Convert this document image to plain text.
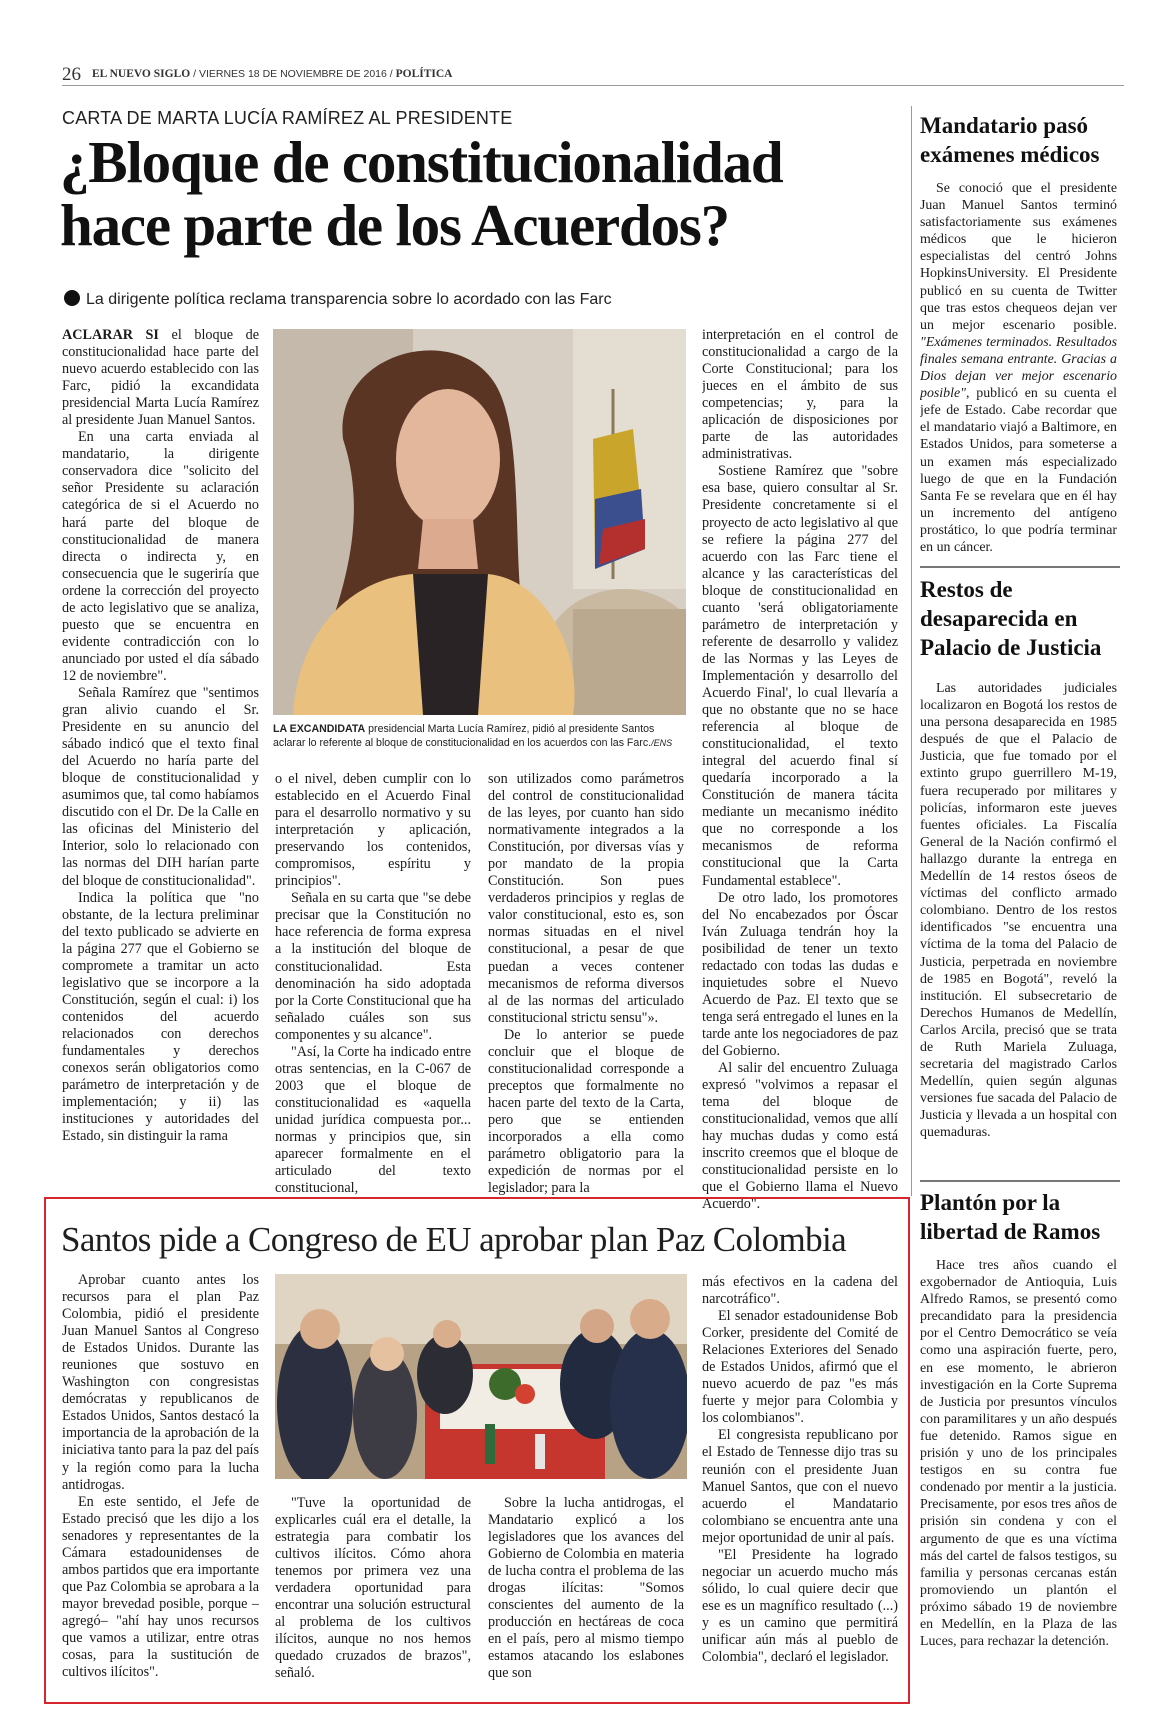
26 EL NUEVO SIGLO / VIERNES 18 DE NOVIEMBRE DE 2016 / POLÍTICA
CARTA DE MARTA LUCÍA RAMÍREZ AL PRESIDENTE
¿Bloque de constitucionalidad
hace parte de los Acuerdos?
La dirigente política reclama transparencia sobre lo acordado con las Farc

ACLARAR SI el bloque de constitucionalidad hace parte del nuevo acuerdo establecido con las Farc, pidió la excandidata presidencial Marta Lucía Ramírez al presidente Juan Manuel Santos.

En una carta enviada al mandatario, la dirigente conservadora dice "solicito del señor Presidente su aclaración categórica de si el Acuerdo no hará parte del bloque de constitucionalidad de manera directa o indirecta y, en consecuencia que le sugeriría que ordene la corrección del proyecto de acto legislativo que se analiza, puesto que se encuentra en evidente contradicción con lo anunciado por usted el día sábado 12 de noviembre".

Señala Ramírez que "sentimos gran alivio cuando el Sr. Presidente en su anuncio del sábado indicó que el texto final del Acuerdo no haría parte del bloque de constitucionalidad y asumimos que, tal como habíamos discutido con el Dr. De la Calle en las oficinas del Ministerio del Interior, solo lo relacionado con las normas del DIH harían parte del bloque de constitucionalidad".

Indica la política que "no obstante, de la lectura preliminar del texto publicado se advierte en la página 277 que el Gobierno se compromete a tramitar un acto legislativo que se incorpore a la Constitución, según el cual: i) los contenidos del acuerdo relacionados con derechos fundamentales y derechos conexos serán obligatorios como parámetro de interpretación y de implementación; y ii) las instituciones y autoridades del Estado, sin distinguir la rama

LA EXCANDIDATA presidencial Marta Lucía Ramírez, pidió al presidente Santos aclarar lo referente al bloque de constitucionalidad en los acuerdos con las Farc./ENS

o el nivel, deben cumplir con lo establecido en el Acuerdo Final para el desarrollo normativo y su interpretación y aplicación, preservando los contenidos, compromisos, espíritu y principios".

Señala en su carta que "se debe precisar que la Constitución no hace referencia de forma expresa a la institución del bloque de constitucionalidad. Esta denominación ha sido adoptada por la Corte Constitucional que ha señalado cuáles son sus componentes y su alcance".

"Así, la Corte ha indicado entre otras sentencias, en la C-067 de 2003 que el bloque de constitucionalidad es «aquella unidad jurídica compuesta por... normas y principios que, sin aparecer formalmente en el articulado del texto constitucional,

son utilizados como parámetros del control de constitucionalidad de las leyes, por cuanto han sido normativamente integrados a la Constitución, por diversas vías y por mandato de la propia Constitución. Son pues verdaderos principios y reglas de valor constitucional, esto es, son normas situadas en el nivel constitucional, a pesar de que puedan a veces contener mecanismos de reforma diversos al de las normas del articulado constitucional strictu sensu"».

De lo anterior se puede concluir que el bloque de constitucionalidad corresponde a preceptos que formalmente no hacen parte del texto de la Carta, pero que se entienden incorporados a ella como parámetro obligatorio para la expedición de normas por el legislador; para la

interpretación en el control de constitucionalidad a cargo de la Corte Constitucional; para los jueces en el ámbito de sus competencias; y, para la aplicación de disposiciones por parte de las autoridades administrativas.

Sostiene Ramírez que "sobre esa base, quiero consultar al Sr. Presidente concretamente si el proyecto de acto legislativo al que se refiere la página 277 del acuerdo con las Farc tiene el alcance y las características del bloque de constitucionalidad en cuanto 'será obligatoriamente parámetro de interpretación y referente de desarrollo y validez de las Normas y las Leyes de Implementación y desarrollo del Acuerdo Final', lo cual llevaría a que no obstante que no se hace referencia al bloque de constitucionalidad, el texto integral del acuerdo final sí quedaría incorporado a la Constitución de manera tácita mediante un mecanismo inédito que no corresponde a los mecanismos de reforma constitucional que la Carta Fundamental establece".

De otro lado, los promotores del No encabezados por Óscar Iván Zuluaga tendrán hoy la posibilidad de tener un texto redactado con todas las dudas e inquietudes sobre el Nuevo Acuerdo de Paz. El texto que se tenga será entregado el lunes en la tarde ante los negociadores de paz del Gobierno.

Al salir del encuentro Zuluaga expresó "volvimos a repasar el tema del bloque de constitucionalidad, vemos que allí hay muchas dudas y como está inscrito creemos que el bloque de constitucionalidad persiste en lo que el Gobierno llama el Nuevo Acuerdo".

Santos pide a Congreso de EU aprobar plan Paz Colombia

Aprobar cuanto antes los recursos para el plan Paz Colombia, pidió el presidente Juan Manuel Santos al Congreso de Estados Unidos. Durante las reuniones que sostuvo en Washington con congresistas demócratas y republicanos de Estados Unidos, Santos destacó la importancia de la aprobación de la iniciativa tanto para la paz del país y la región como para la lucha antidrogas.

En este sentido, el Jefe de Estado precisó que les dijo a los senadores y representantes de la Cámara estadounidenses de ambos partidos que era importante que Paz Colombia se aprobara a la mayor brevedad posible, porque –agregó– "ahí hay unos recursos que vamos a utilizar, entre otras cosas, para la sustitución de cultivos ilícitos".

"Tuve la oportunidad de explicarles cuál era el detalle, la estrategia para combatir los cultivos ilícitos. Cómo ahora tenemos por primera vez una verdadera oportunidad para encontrar una solución estructural al problema de los cultivos ilícitos, aunque no nos hemos quedado cruzados de brazos", señaló.

Sobre la lucha antidrogas, el Mandatario explicó a los legisladores que los avances del Gobierno de Colombia en materia de lucha contra el problema de las drogas ilícitas: "Somos conscientes del aumento de la producción en hectáreas de coca en el país, pero al mismo tiempo estamos atacando los eslabones que son

más efectivos en la cadena del narcotráfico".

El senador estadounidense Bob Corker, presidente del Comité de Relaciones Exteriores del Senado de Estados Unidos, afirmó que el nuevo acuerdo de paz "es más fuerte y mejor para Colombia y los colombianos".

El congresista republicano por el Estado de Tennesse dijo tras su reunión con el presidente Juan Manuel Santos, que con el nuevo acuerdo el Mandatario colombiano se encuentra ante una mejor oportunidad de unir al país.

"El Presidente ha logrado negociar un acuerdo mucho más sólido, lo cual quiere decir que ese es un magnífico resultado (...) y es un camino que permitirá unificar aún más al pueblo de Colombia", declaró el legislador.

Mandatario pasó exámenes médicos

Se conoció que el presidente Juan Manuel Santos terminó satisfactoriamente sus exámenes médicos que le hicieron especialistas del centró Johns HopkinsUniversity. El Presidente publicó en su cuenta de Twitter que tras estos chequeos dejan ver un mejor escenario posible. "Exámenes terminados. Resultados finales semana entrante. Gracias a Dios dejan ver mejor escenario posible", publicó en su cuenta el jefe de Estado. Cabe recordar que el mandatario viajó a Baltimore, en Estados Unidos, para someterse a un examen más especializado luego de que en la Fundación Santa Fe se revelara que en él hay un incremento del antígeno prostático, lo que podría terminar en un cáncer.

Restos de desaparecida en Palacio de Justicia

Las autoridades judiciales localizaron en Bogotá los restos de una persona desaparecida en 1985 después de que el Palacio de Justicia, que fue tomado por el extinto grupo guerrillero M-19, fuera recuperado por militares y policías, informaron este jueves fuentes oficiales. La Fiscalía General de la Nación confirmó el hallazgo durante la entrega en Medellín de 14 restos óseos de víctimas del conflicto armado colombiano. Dentro de los restos identificados "se encuentra una víctima de la toma del Palacio de Justicia, perpetrada en noviembre de 1985 en Bogotá", reveló la institución. El subsecretario de Derechos Humanos de Medellín, Carlos Arcila, precisó que se trata de Ruth Mariela Zuluaga, secretaria del magistrado Carlos Medellín, quien según algunas versiones fue sacada del Palacio de Justicia y llevada a un hospital con quemaduras.

Plantón por la libertad de Ramos

Hace tres años cuando el exgobernador de Antioquia, Luis Alfredo Ramos, se presentó como precandidato para la presidencia por el Centro Democrático se veía como una aspiración fuerte, pero, en ese momento, le abrieron investigación en la Corte Suprema de Justicia por presuntos vínculos con paramilitares y un año después fue detenido. Ramos sigue en prisión y uno de los principales testigos en su contra fue condenado por mentir a la justicia. Precisamente, por esos tres años de prisión sin condena y con el argumento de que es una víctima más del cartel de falsos testigos, su familia y personas cercanas están promoviendo un plantón el próximo sábado 19 de noviembre en Medellín, en la Plaza de las Luces, para rechazar la detención.
